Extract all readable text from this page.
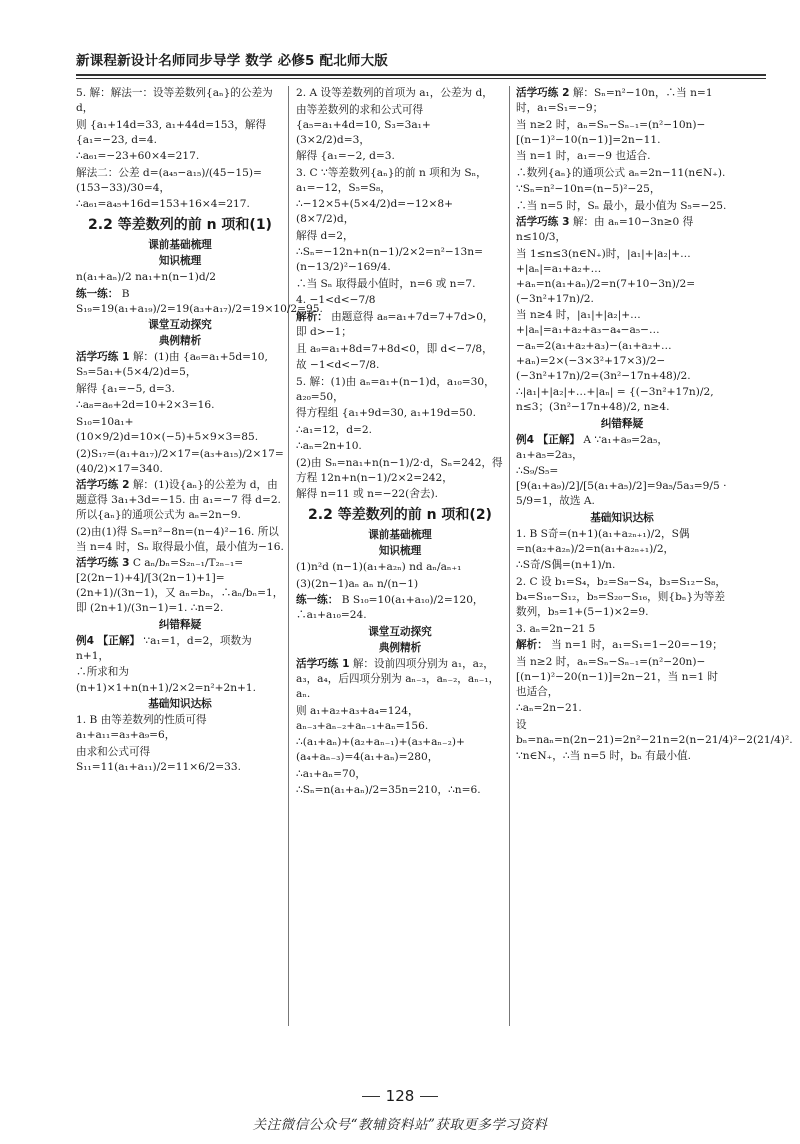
新课程新设计名师同步导学 数学 必修5 配北师大版

5. 解：解法一：设等差数列{aₙ}的公差为 d，

则 {a₁+14d=33, a₁+44d=153，解得 {a₁=−23, d=4.

∴a₆₁=−23+60×4=217.

解法二：公差 d=(a₄₅−a₁₅)/(45−15)=(153−33)/30=4，

∴a₆₁=a₄₅+16d=153+16×4=217.

2.2 等差数列的前 n 项和(1)
课前基础梳理
知识梳理

n(a₁+aₙ)/2 na₁+n(n−1)d/2

练一练： B S₁₉=19(a₁+a₁₉)/2=19(a₃+a₁₇)/2=19×10/2=95.

课堂互动探究
典例精析

活学巧练 1 解：(1)由 {a₆=a₁+5d=10, S₅=5a₁+(5×4/2)d=5，

解得 {a₁=−5, d=3.

∴a₈=a₆+2d=10+2×3=16.

S₁₀=10a₁+(10×9/2)d=10×(−5)+5×9×3=85.

(2)S₁₇=(a₁+a₁₇)/2×17=(a₃+a₁₅)/2×17=(40/2)×17=340.

活学巧练 2 解：(1)设{aₙ}的公差为 d，由题意得 3a₁+3d=−15. 由 a₁=−7 得 d=2. 所以{aₙ}的通项公式为 aₙ=2n−9.

(2)由(1)得 Sₙ=n²−8n=(n−4)²−16. 所以当 n=4 时，Sₙ 取得最小值，最小值为−16.

活学巧练 3 C aₙ/bₙ=S₂ₙ₋₁/T₂ₙ₋₁=[2(2n−1)+4]/[3(2n−1)+1]=(2n+1)/(3n−1)，又 aₙ=bₙ，∴aₙ/bₙ=1，即 (2n+1)/(3n−1)=1. ∴n=2.

纠错释疑

例4 【正解】 ∵a₁=1，d=2，项数为 n+1，

∴所求和为 (n+1)×1+n(n+1)/2×2=n²+2n+1.

基础知识达标

1. B 由等差数列的性质可得 a₁+a₁₁=a₃+a₉=6，

由求和公式可得 S₁₁=11(a₁+a₁₁)/2=11×6/2=33.

2. A 设等差数列的首项为 a₁，公差为 d，

由等差数列的求和公式可得 {a₅=a₁+4d=10, S₃=3a₁+(3×2/2)d=3，

解得 {a₁=−2, d=3.

3. C ∵等差数列{aₙ}的前 n 项和为 Sₙ，a₁=−12，S₅=S₈，

∴−12×5+(5×4/2)d=−12×8+(8×7/2)d，

解得 d=2，

∴Sₙ=−12n+n(n−1)/2×2=n²−13n=(n−13/2)²−169/4.

∴当 Sₙ 取得最小值时，n=6 或 n=7.

4. −1<d<−7/8

解析： 由题意得 a₈=a₁+7d=7+7d>0，即 d>−1；

且 a₉=a₁+8d=7+8d<0，即 d<−7/8，

故 −1<d<−7/8.

5. 解：(1)由 aₙ=a₁+(n−1)d，a₁₀=30，a₂₀=50，

得方程组 {a₁+9d=30, a₁+19d=50.

∴a₁=12，d=2.

∴aₙ=2n+10.

(2)由 Sₙ=na₁+n(n−1)/2·d，Sₙ=242，得方程 12n+n(n−1)/2×2=242，

解得 n=11 或 n=−22(舍去).

2.2 等差数列的前 n 项和(2)
课前基础梳理
知识梳理

(1)n²d (n−1)(a₁+a₂ₙ) nd aₙ/aₙ₊₁

(3)(2n−1)aₙ aₙ n/(n−1)

练一练： B S₁₀=10(a₁+a₁₀)/2=120，∴a₁+a₁₀=24.

课堂互动探究
典例精析

活学巧练 1 解：设前四项分别为 a₁，a₂，a₃，a₄，后四项分别为 aₙ₋₃，aₙ₋₂，aₙ₋₁，aₙ.

则 a₁+a₂+a₃+a₄=124，aₙ₋₃+aₙ₋₂+aₙ₋₁+aₙ=156.

∴(a₁+aₙ)+(a₂+aₙ₋₁)+(a₃+aₙ₋₂)+(a₄+aₙ₋₃)=4(a₁+aₙ)=280，

∴a₁+aₙ=70，

∴Sₙ=n(a₁+aₙ)/2=35n=210，∴n=6.

活学巧练 2 解：Sₙ=n²−10n，∴当 n=1 时，a₁=S₁=−9；

当 n≥2 时，aₙ=Sₙ−Sₙ₋₁=(n²−10n)−[(n−1)²−10(n−1)]=2n−11.

当 n=1 时，a₁=−9 也适合.

∴数列{aₙ}的通项公式 aₙ=2n−11(n∈N₊).

∵Sₙ=n²−10n=(n−5)²−25，

∴当 n=5 时，Sₙ 最小，最小值为 S₅=−25.

活学巧练 3 解：由 aₙ=10−3n≥0 得 n≤10/3，

当 1≤n≤3(n∈N₊)时，|a₁|+|a₂|+…+|aₙ|=a₁+a₂+…+aₙ=n(a₁+aₙ)/2=n(7+10−3n)/2=(−3n²+17n)/2.

当 n≥4 时，|a₁|+|a₂|+…+|aₙ|=a₁+a₂+a₃−a₄−a₅−…−aₙ=2(a₁+a₂+a₃)−(a₁+a₂+…+aₙ)=2×(−3×3²+17×3)/2−(−3n²+17n)/2=(3n²−17n+48)/2.

∴|a₁|+|a₂|+…+|aₙ| = {(−3n²+17n)/2, n≤3；(3n²−17n+48)/2, n≥4.

纠错释疑

例4 【正解】 A ∵a₁+a₉=2a₅，a₁+a₅=2a₃，

∴S₉/S₅=[9(a₁+a₉)/2]/[5(a₁+a₅)/2]=9a₅/5a₃=9/5 · 5/9=1，故选 A.

基础知识达标

1. B S奇=(n+1)(a₁+a₂ₙ₊₁)/2，S偶=n(a₂+a₂ₙ)/2=n(a₁+a₂ₙ₊₁)/2，

∴S奇/S偶=(n+1)/n.

2. C 设 b₁=S₄，b₂=S₈−S₄，b₃=S₁₂−S₈，b₄=S₁₆−S₁₂，b₅=S₂₀−S₁₆，则{bₙ}为等差数列，b₅=1+(5−1)×2=9.

3. aₙ=2n−21 5

解析： 当 n=1 时，a₁=S₁=1−20=−19；

当 n≥2 时，aₙ=Sₙ−Sₙ₋₁=(n²−20n)−[(n−1)²−20(n−1)]=2n−21，当 n=1 时也适合，

∴aₙ=2n−21.

设 bₙ=naₙ=n(2n−21)=2n²−21n=2(n−21/4)²−2(21/4)².

∵n∈N₊，∴当 n=5 时，bₙ 有最小值.

128
关注微信公众号“教辅资料站”获取更多学习资料
